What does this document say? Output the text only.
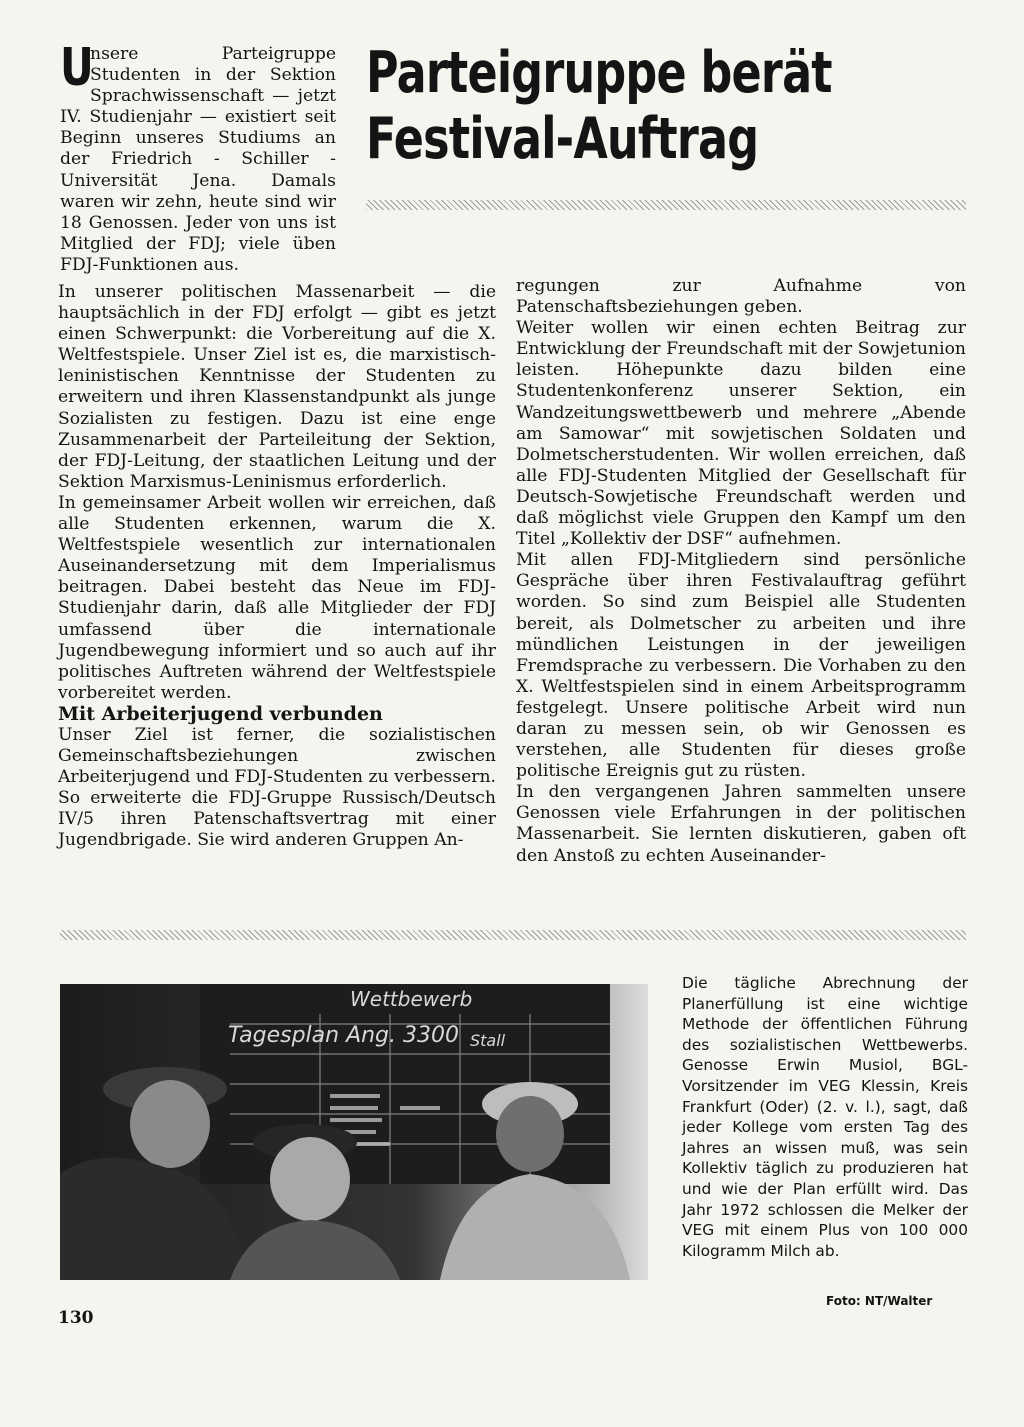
Parteigruppe berät
Festival-Auftrag
U

nsere Parteigruppe Studenten in der Sektion Sprachwissenschaft — jetzt IV. Studienjahr — existiert seit Beginn unseres Studiums an der Friedrich - Schiller - Universität Jena. Damals waren wir zehn, heute sind wir 18 Genossen. Jeder von uns ist Mitglied der FDJ; viele üben FDJ-Funktionen aus.

In unserer politischen Massenarbeit — die hauptsächlich in der FDJ erfolgt — gibt es jetzt einen Schwerpunkt: die Vorbereitung auf die X. Weltfestspiele. Unser Ziel ist es, die marxistisch-leninistischen Kenntnisse der Studenten zu erweitern und ihren Klassenstandpunkt als junge Sozialisten zu festigen. Dazu ist eine enge Zusammenarbeit der Parteileitung der Sektion, der FDJ-Leitung, der staatlichen Leitung und der Sektion Marxismus-Leninismus erforderlich.

In gemeinsamer Arbeit wollen wir erreichen, daß alle Studenten erkennen, warum die X. Weltfestspiele wesentlich zur internationalen Auseinandersetzung mit dem Imperialismus beitragen. Dabei besteht das Neue im FDJ-Studienjahr darin, daß alle Mitglieder der FDJ umfassend über die internationale Jugendbewegung informiert und so auch auf ihr politisches Auftreten während der Weltfestspiele vorbereitet werden.

Mit Arbeiterjugend verbunden

Unser Ziel ist ferner, die sozialistischen Gemeinschaftsbeziehungen zwischen Arbeiterjugend und FDJ-Studenten zu verbessern. So erweiterte die FDJ-Gruppe Russisch/Deutsch IV/5 ihren Patenschaftsvertrag mit einer Jugendbrigade. Sie wird anderen Gruppen An-

regungen zur Aufnahme von Patenschaftsbeziehungen geben.

Weiter wollen wir einen echten Beitrag zur Entwicklung der Freundschaft mit der Sowjetunion leisten. Höhepunkte dazu bilden eine Studentenkonferenz unserer Sektion, ein Wandzeitungswettbewerb und mehrere „Abende am Samowar“ mit sowjetischen Soldaten und Dolmetscherstudenten. Wir wollen erreichen, daß alle FDJ-Studenten Mitglied der Gesellschaft für Deutsch-Sowjetische Freundschaft werden und daß möglichst viele Gruppen den Kampf um den Titel „Kollektiv der DSF“ aufnehmen.

Mit allen FDJ-Mitgliedern sind persönliche Gespräche über ihren Festivalauftrag geführt worden. So sind zum Beispiel alle Studenten bereit, als Dolmetscher zu arbeiten und ihre mündlichen Leistungen in der jeweiligen Fremdsprache zu verbessern. Die Vorhaben zu den X. Weltfestspielen sind in einem Arbeitsprogramm festgelegt. Unsere politische Arbeit wird nun daran zu messen sein, ob wir Genossen es verstehen, alle Studenten für dieses große politische Ereignis gut zu rüsten.

In den vergangenen Jahren sammelten unsere Genossen viele Erfahrungen in der politischen Massenarbeit. Sie lernten diskutieren, gaben oft den Anstoß zu echten Auseinander-

Wettbewerb
Tagesplan Ang. 3300 Stall

Die tägliche Abrechnung der Planerfüllung ist eine wichtige Methode der öffentlichen Führung des sozialistischen Wettbewerbs. Genosse Erwin Musiol, BGL-Vorsitzender im VEG Klessin, Kreis Frankfurt (Oder) (2. v. l.), sagt, daß jeder Kollege vom ersten Tag des Jahres an wissen muß, was sein Kollektiv täglich zu produzieren hat und wie der Plan erfüllt wird. Das Jahr 1972 schlossen die Melker der VEG mit einem Plus von 100 000 Kilogramm Milch ab.

Foto: NT/Walter
130
